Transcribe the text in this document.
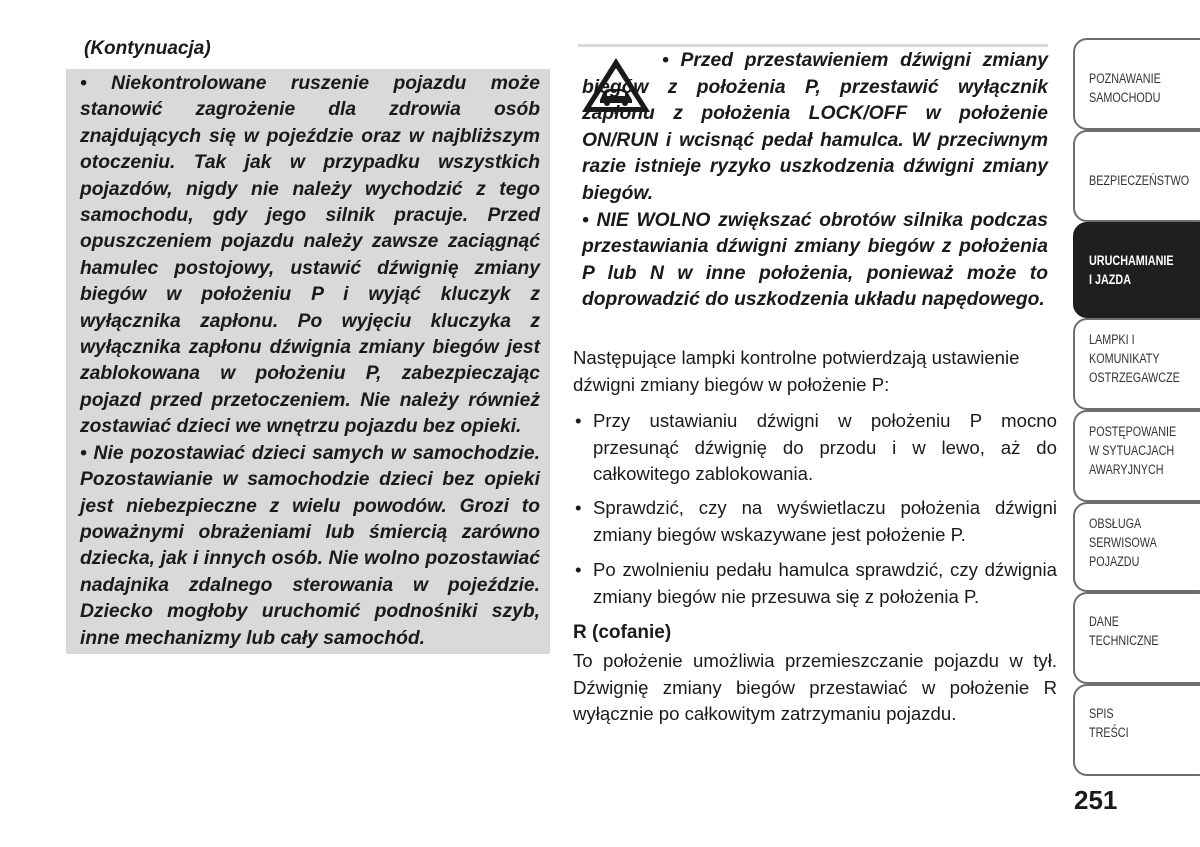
(Kontynuacja)

• Niekontrolowane ruszenie pojazdu może stanowić zagrożenie dla zdrowia osób znajdujących się w pojeździe oraz w najbliższym otoczeniu. Tak jak w przypadku wszystkich pojazdów, nigdy nie należy wychodzić z tego samochodu, gdy jego silnik pracuje. Przed opuszczeniem pojazdu należy zawsze zaciągnąć hamulec postojowy, ustawić dźwignię zmiany biegów w położeniu P i wyjąć kluczyk z wyłącznika zapłonu. Po wyjęciu kluczyka z wyłącznika zapłonu dźwignia zmiany biegów jest zablokowana w położeniu P, zabezpieczając pojazd przed przetoczeniem. Nie należy również zostawiać dzieci we wnętrzu pojazdu bez opieki.

• Nie pozostawiać dzieci samych w samochodzie. Pozostawianie w samochodzie dzieci bez opieki jest niebezpieczne z wielu powodów. Grozi to poważnymi obrażeniami lub śmiercią zarówno dziecka, jak i innych osób. Nie wolno pozostawiać nadajnika zdalnego sterowania w pojeździe. Dziecko mogłoby uruchomić podnośniki szyb, inne mechanizmy lub cały samochód.

• Przed przestawieniem dźwigni zmiany biegów z położenia P, przestawić wyłącznik zapłonu z położenia LOCK/OFF w położenie ON/RUN i wcisnąć pedał hamulca. W przeciwnym razie istnieje ryzyko uszkodzenia dźwigni zmiany biegów.

• NIE WOLNO zwiększać obrotów silnika podczas przestawiania dźwigni zmiany biegów z położenia P lub N w inne położenia, ponieważ może to doprowadzić do uszkodzenia układu napędowego.

Następujące lampki kontrolne potwierdzają ustawienie dźwigni zmiany biegów w położenie P:
• Przy ustawianiu dźwigni w położeniu P mocno przesunąć dźwignię do przodu i w lewo, aż do całkowitego zablokowania.
• Sprawdzić, czy na wyświetlaczu położenia dźwigni zmiany biegów wskazywane jest położenie P.
• Po zwolnieniu pedału hamulca sprawdzić, czy dźwignia zmiany biegów nie przesuwa się z położenia P.
R (cofanie)
To położenie umożliwia przemieszczanie pojazdu w tył. Dźwignię zmiany biegów przestawiać w położenie R wyłącznie po całkowitym zatrzymaniu pojazdu.
POZNAWANIE
SAMOCHODU
BEZPIECZEŃSTWO
URUCHAMIANIE
I JAZDA
LAMPKI I
KOMUNIKATY
OSTRZEGAWCZE
POSTĘPOWANIE
W SYTUACJACH
AWARYJNYCH
OBSŁUGA
SERWISOWA
POJAZDU
DANE
TECHNICZNE
SPIS
TREŚCI
251
